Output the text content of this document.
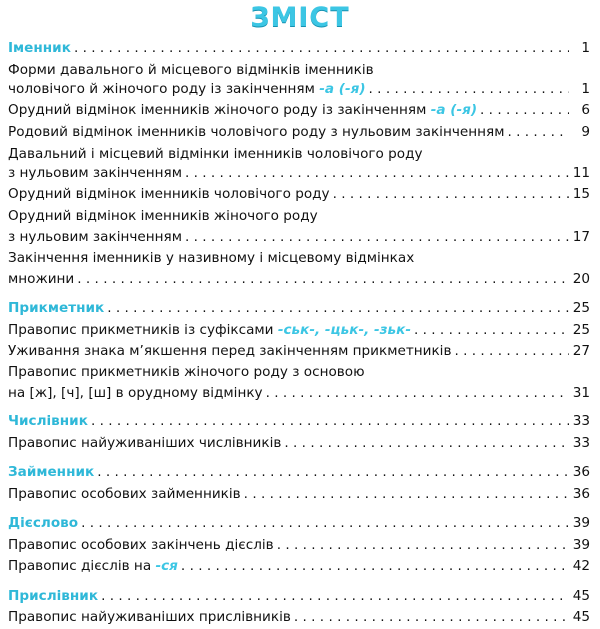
ЗМІСТ
Іменник . . .	1
Форми давального й місцевого відмінків іменників
чоловічого й жіночого роду із закінченням -а (-я) . . .	1
Орудний відмінок іменників жіночого роду із закінченням -а (-я) . . .	6
Родовий відмінок іменників чоловічого роду з нульовим закінченням . . .	9
Давальний і місцевий відмінки іменників чоловічого роду
з нульовим закінченням . . .	11
Орудний відмінок іменників чоловічого роду . . .	15
Орудний відмінок іменників жіночого роду
з нульовим закінченням . . .	17
Закінчення іменників у називному і місцевому відмінках
множини . . .	20
Прикметник . . .	25
Правопис прикметників із суфіксами -ськ-, -цьк-, -зьк- . . .	25
Уживання знака м’якшення перед закінченням прикметників . . .	27
Правопис прикметників жіночого роду з основою
на [ж], [ч], [ш] в орудному відмінку . . .	31
Числівник . . .	33
Правопис найуживаніших числівників . . .	33
Займенник . . .	36
Правопис особових займенників . . .	36
Дієслово . . .	39
Правопис особових закінчень дієслів . . .	39
Правопис дієслів на -ся . . .	42
Прислівник . . .	45
Правопис найуживаніших прислівників . . .	45
